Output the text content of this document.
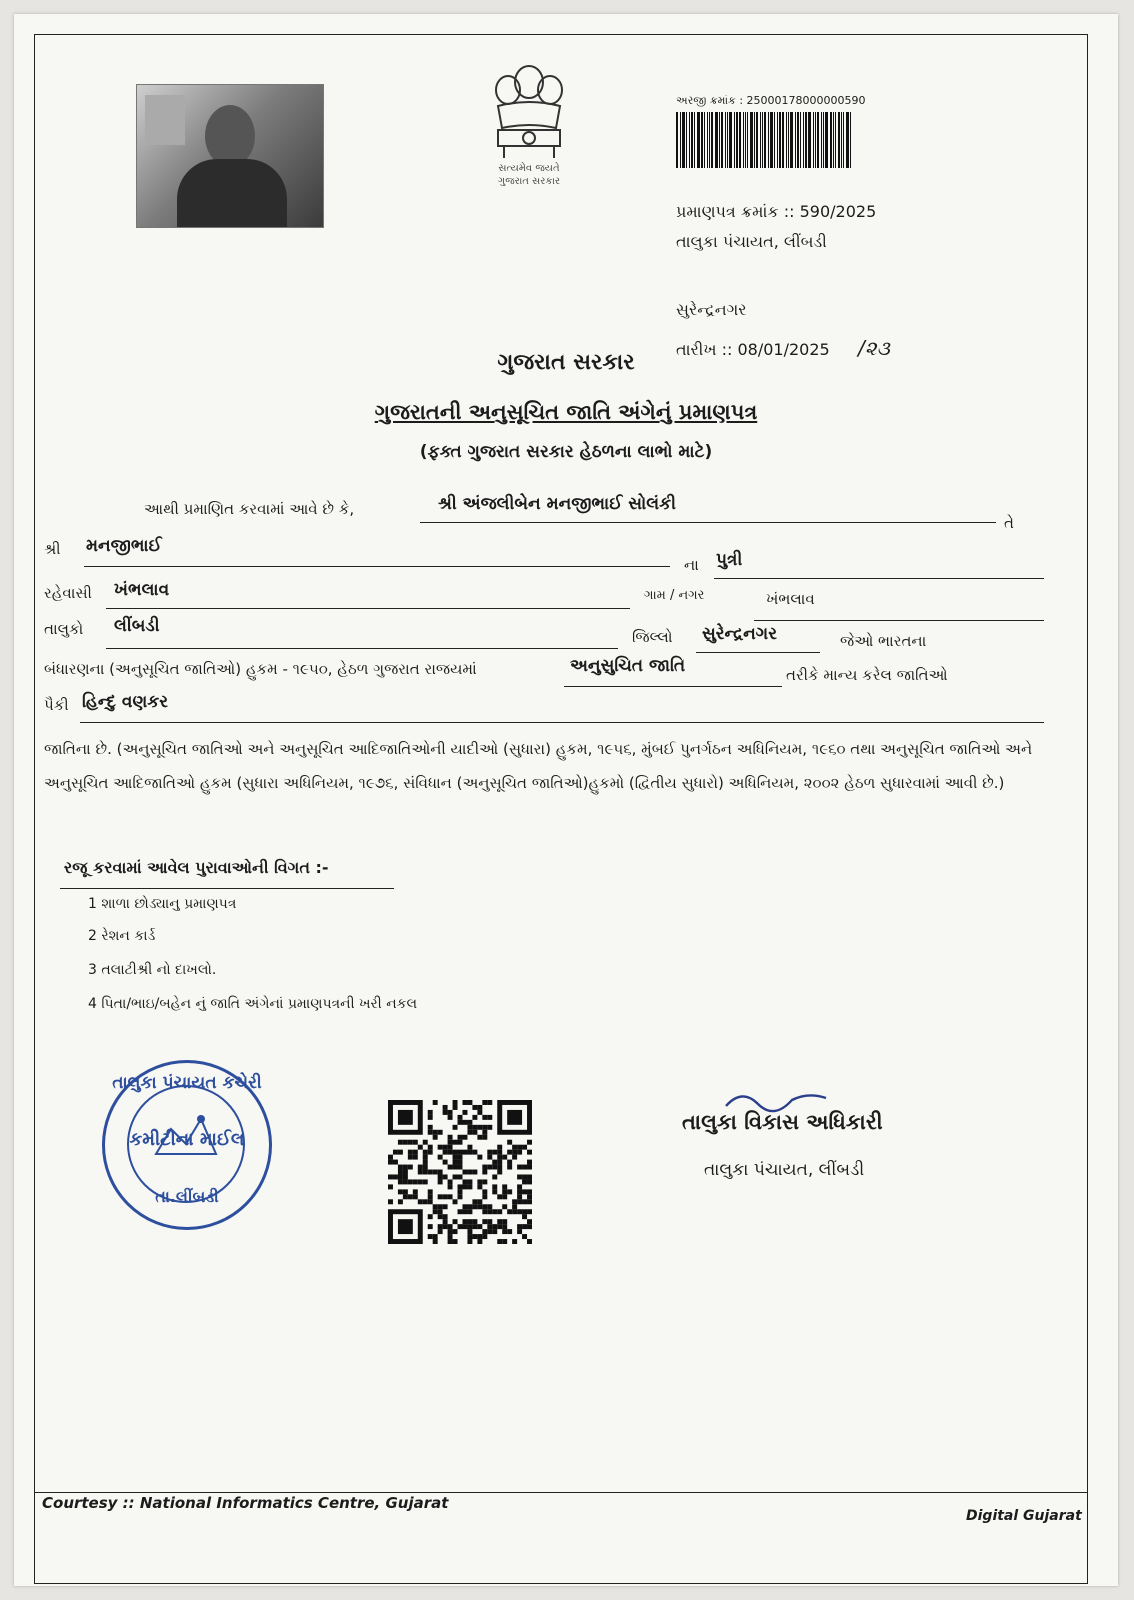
સત્યમેવ જયતે
ગુજરાત સરકાર
અરજી ક્રમાંક : 25000178000000590
પ્રમાણપત્ર ક્રમાંક :: 590/2025
તાલુકા પંચાયત, લીંબડી
સુરેન્દ્રનગર
તારીખ :: 08/01/2025 /૨૩
ગુજરાત સરકાર
ગુજરાતની અનુસૂચિત જાતિ અંગેનું પ્રમાણપત્ર
(ફક્ત ગુજરાત સરકાર હેઠળના લાભો માટે)
આથી પ્રમાણિત કરવામાં આવે છે કે,	શ્રી અંજલીબેન મનજીભાઈ સોલંકી
તે
શ્રી મનજીભાઈ
ના પુત્રી
રહેવાસી ખંભલાવ	ગામ / નગર	ખંભલાવ
તાલુકો લીંબડી
જિલ્લો સુરેન્દ્રનગર	જેઓ ભારતના
બંધારણના (અનુસૂચિત જાતિઓ) હુકમ - ૧૯૫૦, હેઠળ ગુજરાત રાજયમાં	અનુસુચિત જાતિ	તરીકે માન્ય કરેલ જાતિઓ
પૈકી હિન્દુ વણકર
જાતિના છે. (અનુસૂચિત જાતિઓ અને અનુસૂચિત આદિજાતિઓની યાદીઓ (સુધારા) હુકમ, ૧૯૫૬, મુંબઈ પુનર્ગઠન અધિનિયમ, ૧૯૬૦ તથા અનુસૂચિત જાતિઓ અને અનુસૂચિત આદિજાતિઓ હુકમ (સુધારા અધિનિયમ, ૧૯૭૬, સંવિધાન (અનુસૂચિત જાતિઓ)હુકમો (દ્વિતીય સુધારો) અધિનિયમ, ૨૦૦૨ હેઠળ સુધારવામાં આવી છે.)
રજૂ કરવામાં આવેલ પુરાવાઓની વિગત :-
1 શાળા છોડ્યાનુ પ્રમાણપત્ર
2 રેશન કાર્ડ
3 તલાટીશ્રી નો દાખલો.
4 પિતા/ભાઇ/બહેન નું જાતિ અંગેનાં પ્રમાણપત્રની ખરી નકલ
તાલુકા પંચાયત કચેરી
કમીટીના માઈલ
તા.લીંબડી
તાલુકા વિકાસ અધિકારી
તાલુકા પંચાયત, લીંબડી
Courtesy :: National Informatics Centre, Gujarat
Digital Gujarat
